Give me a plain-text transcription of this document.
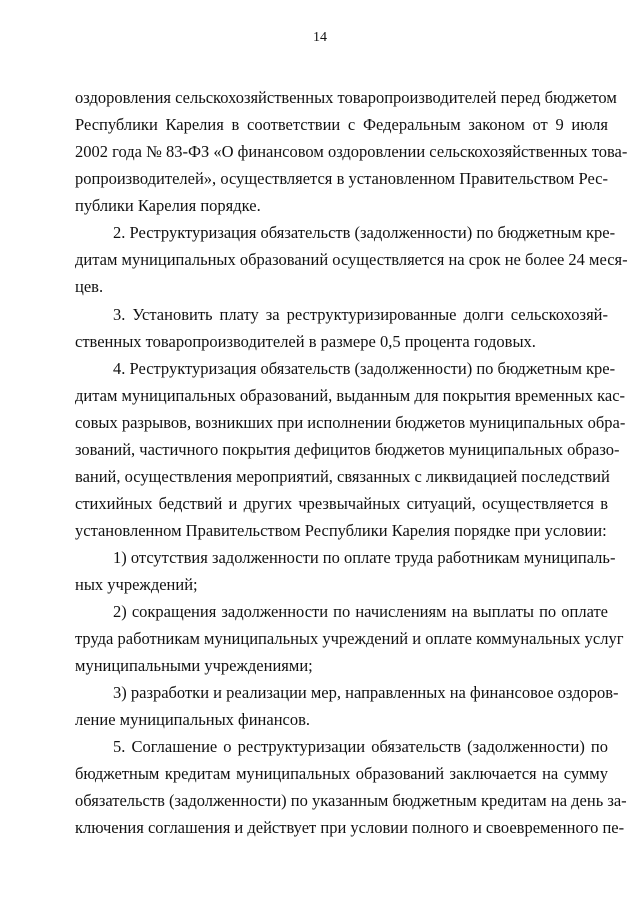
14
оздоровления сельскохозяйственных товаропроизводителей перед бюджетом
Республики Карелия в соответствии с Федеральным законом от 9 июля
2002 года № 83-ФЗ «О финансовом оздоровлении сельскохозяйственных това-
ропроизводителей», осуществляется в установленном Правительством Рес-
публики Карелия порядке.
2. Реструктуризация обязательств (задолженности) по бюджетным кре-
дитам муниципальных образований осуществляется на срок не более 24 меся-
цев.
3. Установить плату за реструктуризированные долги сельскохозяй-
ственных товаропроизводителей в размере 0,5 процента годовых.
4. Реструктуризация обязательств (задолженности) по бюджетным кре-
дитам муниципальных образований, выданным для покрытия временных кас-
совых разрывов, возникших при исполнении бюджетов муниципальных обра-
зований, частичного покрытия дефицитов бюджетов муниципальных образо-
ваний, осуществления мероприятий, связанных с ликвидацией последствий
стихийных бедствий и других чрезвычайных ситуаций, осуществляется в
установленном Правительством Республики Карелия порядке при условии:
1) отсутствия задолженности по оплате труда работникам муниципаль-
ных учреждений;
2) сокращения задолженности по начислениям на выплаты по оплате
труда работникам муниципальных учреждений и оплате коммунальных услуг
муниципальными учреждениями;
3) разработки и реализации мер, направленных на финансовое оздоров-
ление муниципальных финансов.
5. Соглашение о реструктуризации обязательств (задолженности) по
бюджетным кредитам муниципальных образований заключается на сумму
обязательств (задолженности) по указанным бюджетным кредитам на день за-
ключения соглашения и действует при условии полного и своевременного пе-
